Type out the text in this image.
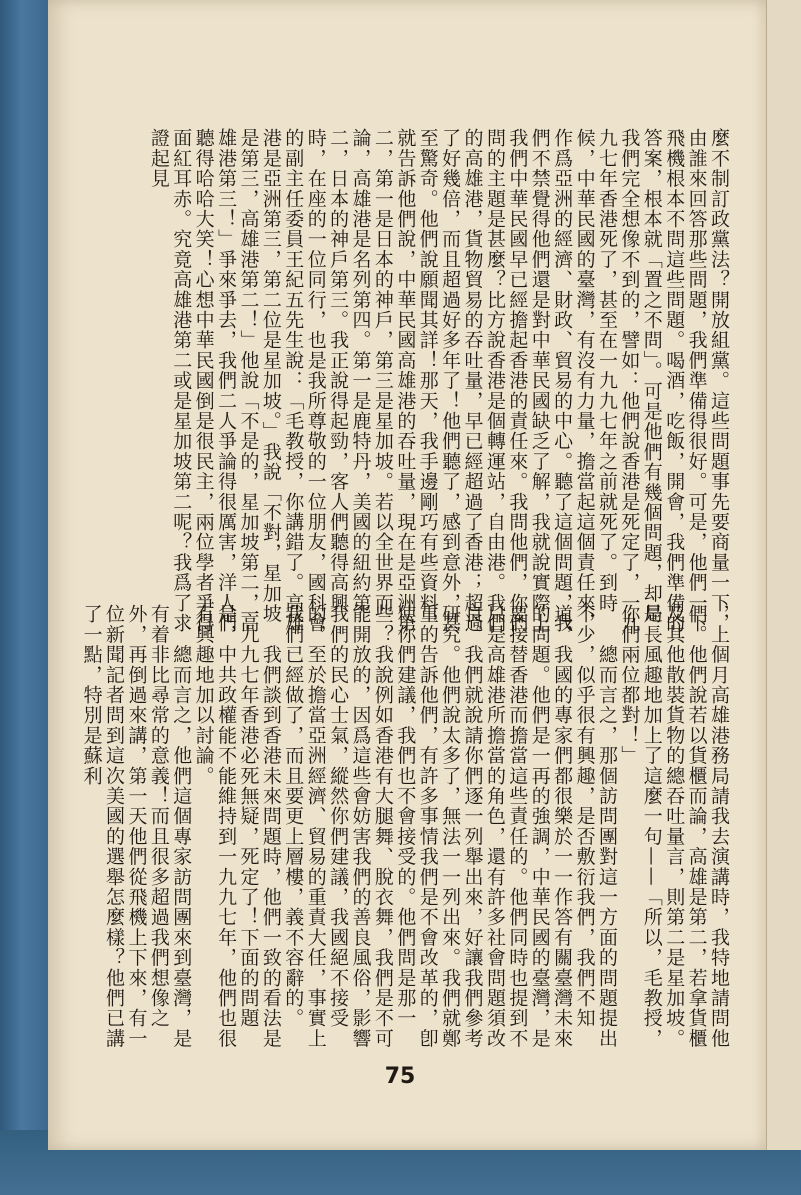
麼不制訂政黨法？開放組黨。這些問題事先要商量一下，由誰來回答那些問題，我們準備得很好。可是，他們一下飛機根本不問這些問題。喝酒，吃飯，開會，我們準備的答案，根本就「置之不問」。可是他們有幾個問題，却是我們完全想像不到的，譬如：他們說香港是死定了，一九九七年香港死了，甚至在一九九七年之前就死了。到時候，中華民國的臺灣，有沒有力量，擔當起這個責任來，作爲亞洲的經濟、財政、貿易的中心。聽了這個問題，我們不禁覺得他們還是對中華民國缺乏了解，我就說實際上我們中華民國早已經擔起香港的責任來。我問他們，你們問的主題是甚麼？比方說香港是個轉運站，自由港。我們的高雄港，貨物貿易的吞吐量，早已經超過了香港；超過了好幾倍，而且超過好多年了！他們聽了，感到意外，甚至驚奇。他們說願聞其詳！那天，我手邊剛巧有些資料，就告訴他們說，中華民國高雄港的吞吐量，現在是亞洲第二，第一是日本的神戶，第三是星加坡。若以全世界而論，高雄港是名列第四。第一是鹿特丹，美國的紐約第二，日本的神戶第三。我正說得起勁，客人們聽得高興時，在座的一位同行，也是我所尊敬的一位朋友，國科會的副主任委員王紀五先生說：「毛教授，你講錯了。高雄港是亞洲第三，第二位是星加坡。」我說「不對，星加坡是第三，高雄港第二！」他說「不是的，星加坡第二，高雄港第三！」爭來爭去，我們二人爭論得很厲害，洋人們聽得哈哈大笑！心想中華民國倒是很民主，兩位學者爭得面紅耳赤。究竟高雄港第二或是星加坡第二呢？我爲了求證起見
，上個月高雄港務局請我去演講時，我特地請問他們。他們說若以貨櫃而論，高雄是第二，若拿貨櫃及其他散裝貨物的總吞吐量言，則第二是星加坡。局長風趣地加上了這麼一句——「所以，毛教授，你們兩位都對！」
　　總而言之，那個訪問團對這一方面的問題提出不少，似乎很有興趣，是否敷衍我們，我們不知道，我國的專家們都很樂於一一作答有關臺灣未來的問題。他們是一再的強調，中華民國的臺灣，是要接替香港而擔當這些責任的。他們同時也提到不只是高雄港所擔當的角色，還有許多社會問題須改良。我們就說請你們逐一列舉出來，好讓我們參考研究。他們說太多了，無法一一列出來。我們就鄭重的告訴他們，有許多事情我們是不會改革的，卽使你們建議，我們也不會接受的。他們問是那一些？我說例如香港有大腿舞、脫衣舞，我們是不可能開放的，因爲這些會妨害我們的善良風俗，影響我們的民心士氣，縱然你們建議，我國絕不接受的，至於擔當亞洲經濟、貿易的重責大任，事實上我們已經做了，而且要更上層樓，義不容辭的。
　　我們談到香港未來問題時，他們一致的看法是一九九七年香港必死無疑，死定了！下面的問題是，中共政權能不能維持到一九九七年，他們也很有興趣地加以討論。
　　總而言之，他們這個專家訪問團來到臺灣，是有着非比尋常的意義！而且很多超過我們想像之外，再倒過來講，第一天他們從飛機上下來，有一位新聞記者問到這次美國的選舉怎麼樣？他們已講了一點，特別是蘇利
75
